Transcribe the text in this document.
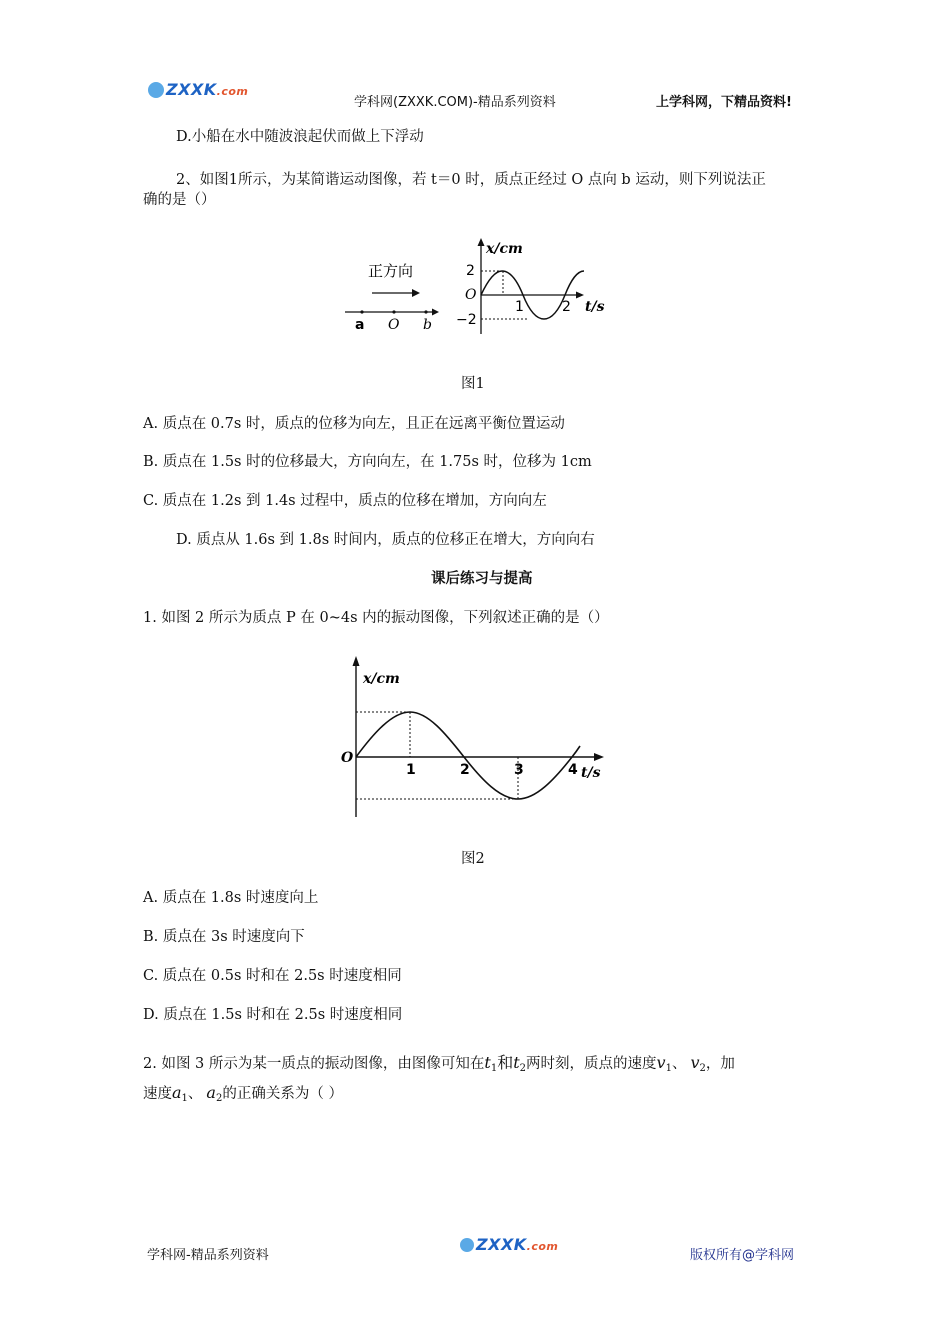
ZXXK.com
学科网(ZXXK.COM)-精品系列资料	上学科网，下精品资料!
D.小船在水中随波浪起伏而做上下浮动
2、如图1所示，为某简谐运动图像，若 t＝0 时，质点正经过 O 点向 b 运动，则下列说法正
确的是（）
正方向
a O b
x/cm
t/s
2
O
−2
1	2
图1
A. 质点在 0.7s 时，质点的位移为向左，且正在远离平衡位置运动
B. 质点在 1.5s 时的位移最大，方向向左，在 1.75s 时，位移为 1cm
C. 质点在 1.2s 到 1.4s 过程中，质点的位移在增加，方向向左
D. 质点从 1.6s 到 1.8s 时间内，质点的位移正在增大，方向向右
课后练习与提高
1. 如图 2 所示为质点 P 在 0~4s 内的振动图像，下列叙述正确的是（）
x/cm
t/s
O
1	2	3	4
图2
A. 质点在 1.8s 时速度向上
B. 质点在 3s 时速度向下
C. 质点在 0.5s 时和在 2.5s 时速度相同
D. 质点在 1.5s 时和在 2.5s 时速度相同
2. 如图 3 所示为某一质点的振动图像，由图像可知在$t_1$和$t_2$两时刻，质点的速度$v_1$、 $v_2$，加
速度$a_1$、 $a_2$的正确关系为（ ）
学科网-精品系列资料
ZXXK.com
版权所有@学科网
